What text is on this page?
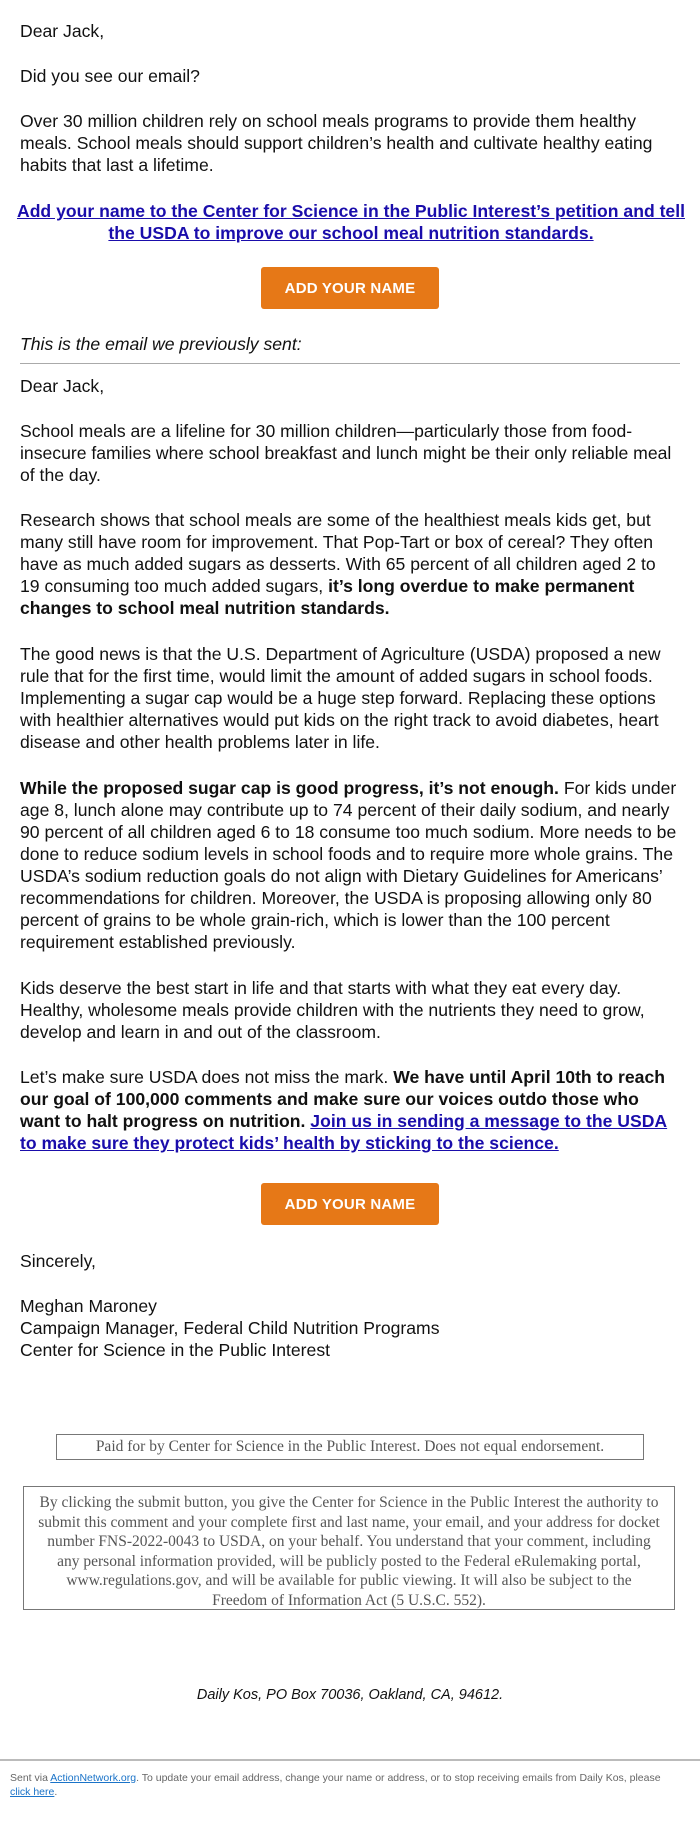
Dear Jack,
Did you see our email?
Over 30 million children rely on school meals programs to provide them healthy meals. School meals should support children’s health and cultivate healthy eating habits that last a lifetime.
Add your name to the Center for Science in the Public Interest’s petition and tell the USDA to improve our school meal nutrition standards.
ADD YOUR NAME
This is the email we previously sent:
Dear Jack,
School meals are a lifeline for 30 million children—particularly those from food-insecure families where school breakfast and lunch might be their only reliable meal of the day.
Research shows that school meals are some of the healthiest meals kids get, but many still have room for improvement. That Pop-Tart or box of cereal? They often have as much added sugars as desserts. With 65 percent of all children aged 2 to 19 consuming too much added sugars, it’s long overdue to make permanent changes to school meal nutrition standards.
The good news is that the U.S. Department of Agriculture (USDA) proposed a new rule that for the first time, would limit the amount of added sugars in school foods. Implementing a sugar cap would be a huge step forward. Replacing these options with healthier alternatives would put kids on the right track to avoid diabetes, heart disease and other health problems later in life.
While the proposed sugar cap is good progress, it’s not enough. For kids under age 8, lunch alone may contribute up to 74 percent of their daily sodium, and nearly 90 percent of all children aged 6 to 18 consume too much sodium. More needs to be done to reduce sodium levels in school foods and to require more whole grains. The USDA’s sodium reduction goals do not align with Dietary Guidelines for Americans’ recommendations for children. Moreover, the USDA is proposing allowing only 80 percent of grains to be whole grain-rich, which is lower than the 100 percent requirement established previously.
Kids deserve the best start in life and that starts with what they eat every day. Healthy, wholesome meals provide children with the nutrients they need to grow, develop and learn in and out of the classroom.
Let’s make sure USDA does not miss the mark. We have until April 10th to reach our goal of 100,000 comments and make sure our voices outdo those who want to halt progress on nutrition. Join us in sending a message to the USDA to make sure they protect kids’ health by sticking to the science.
ADD YOUR NAME
Sincerely,
Meghan Maroney
Campaign Manager, Federal Child Nutrition Programs
Center for Science in the Public Interest
Paid for by Center for Science in the Public Interest. Does not equal endorsement.
By clicking the submit button, you give the Center for Science in the Public Interest the authority to submit this comment and your complete first and last name, your email, and your address for docket number FNS-2022-0043 to USDA, on your behalf. You understand that your comment, including any personal information provided, will be publicly posted to the Federal eRulemaking portal, www.regulations.gov, and will be available for public viewing. It will also be subject to the Freedom of Information Act (5 U.S.C. 552).
Daily Kos, PO Box 70036, Oakland, CA, 94612.
Sent via ActionNetwork.org. To update your email address, change your name or address, or to stop receiving emails from Daily Kos, please click here.
